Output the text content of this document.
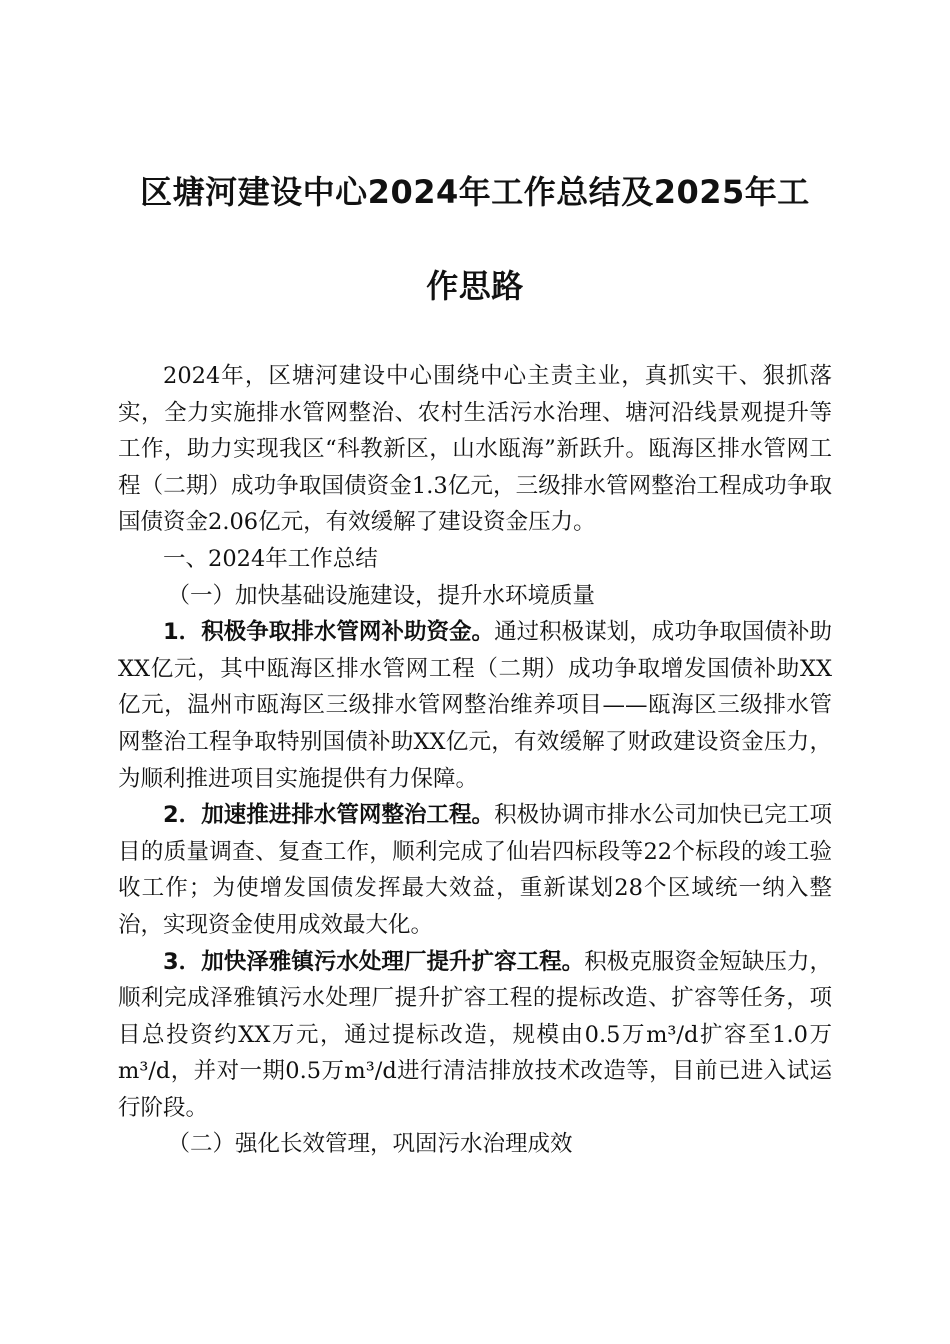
区塘河建设中心2024年工作总结及2025年工
作思路

2024年，区塘河建设中心围绕中心主责主业，真抓实干、狠抓落实，全力实施排水管网整治、农村生活污水治理、塘河沿线景观提升等工作，助力实现我区“科教新区，山水瓯海”新跃升。瓯海区排水管网工程（二期）成功争取国债资金1.3亿元，三级排水管网整治工程成功争取国债资金2.06亿元，有效缓解了建设资金压力。

一、2024年工作总结

（一）加快基础设施建设，提升水环境质量

1．积极争取排水管网补助资金。通过积极谋划，成功争取国债补助XX亿元，其中瓯海区排水管网工程（二期）成功争取增发国债补助XX亿元，温州市瓯海区三级排水管网整治维养项目——瓯海区三级排水管网整治工程争取特别国债补助XX亿元，有效缓解了财政建设资金压力，为顺利推进项目实施提供有力保障。

2．加速推进排水管网整治工程。积极协调市排水公司加快已完工项目的质量调查、复查工作，顺利完成了仙岩四标段等22个标段的竣工验收工作；为使增发国债发挥最大效益，重新谋划28个区域统一纳入整治，实现资金使用成效最大化。

3．加快泽雅镇污水处理厂提升扩容工程。积极克服资金短缺压力，顺利完成泽雅镇污水处理厂提升扩容工程的提标改造、扩容等任务，项目总投资约XX万元，通过提标改造，规模由0.5万m³/d扩容至1.0万m³/d，并对一期0.5万m³/d进行清洁排放技术改造等，目前已进入试运行阶段。

（二）强化长效管理，巩固污水治理成效
